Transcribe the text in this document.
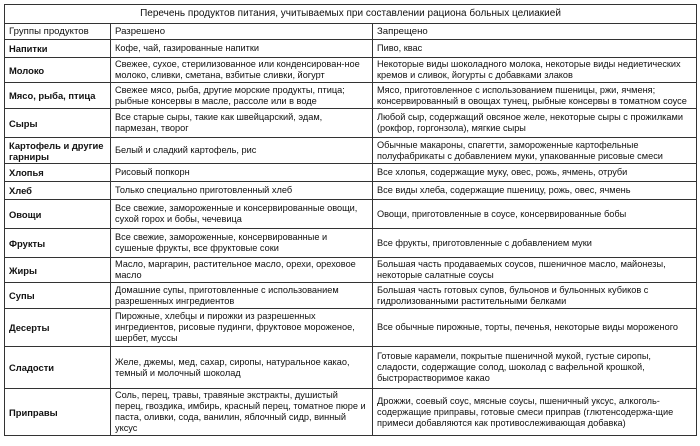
Перечень продуктов питания, учитываемых при составлении рациона больных целиакией		
Группы продуктов	Разрешено	Запрещено
Напитки	Кофе, чай, газированные напитки	Пиво, квас
Молоко	Свежее, сухое, стерилизованное или конденсирован-ное молоко, сливки, сметана, взбитые сливки, йогурт	Некоторые виды шоколадного молока, некоторые виды недиетических кремов и сливок, йогурты с добавками злаков
Мясо, рыба, птица	Свежее мясо, рыба, другие морские продукты, птица; рыбные консервы в масле, рассоле или в воде	Мясо, приготовленное с использованием пшеницы, ржи, ячменя; консервированный в овощах тунец, рыбные консервы в томатном соусе
Сыры	Все старые сыры, такие как швейцарский, эдам, пармезан, творог	Любой сыр, содержащий овсяное желе, некоторые сыры с прожилками (рокфор, горгонзола), мягкие сыры
Картофель и другие гарниры	Белый и сладкий картофель, рис	Обычные макароны, спагетти, замороженные картофельные полуфабрикаты с добавлением муки, упакованные рисовые смеси
Хлопья	Рисовый попкорн	Все хлопья, содержащие муку, овес, рожь, ячмень, отруби
Хлеб	Только специально приготовленный хлеб	Все виды хлеба, содержащие пшеницу, рожь, овес, ячмень
Овощи	Все свежие, замороженные и консервированные овощи, сухой горох и бобы, чечевица	Овощи, приготовленные в соусе, консервированные бобы
Фрукты	Все свежие, замороженные, консервированные и сушеные фрукты, все фруктовые соки	Все фрукты, приготовленные с добавлением муки
Жиры	Масло, маргарин, растительное масло, орехи, ореховое масло	Большая часть продаваемых соусов, пшеничное масло, майонезы, некоторые салатные соусы
Супы	Домашние супы, приготовленные с использованием разрешенных ингредиентов	Большая часть готовых супов, бульонов и бульонных кубиков с гидролизованными растительными белками
Десерты	Пирожные, хлебцы и пирожки из разрешенных ингредиентов, рисовые пудинги, фруктовое мороженое, шербет, муссы	Все обычные пирожные, торты, печенья, некоторые виды мороженого
Сладости	Желе, джемы, мед, сахар, сиропы, натуральное какао, темный и молочный шоколад	Готовые карамели, покрытые пшеничной мукой, густые сиропы, сладости, содержащие солод, шоколад с вафельной крошкой, быстрорастворимое какао
Приправы	Соль, перец, травы, травяные экстракты, душистый перец, гвоздика, имбирь, красный перец, томатное пюре и паста, оливки, сода, ванилин, яблочный сидр, винный уксус	Дрожжи, соевый соус, мясные соусы, пшеничный уксус, алкоголь-содержащие приправы, готовые смеси приправ (глютенсодержа-щие примеси добавляются как противослеживающая добавка)
